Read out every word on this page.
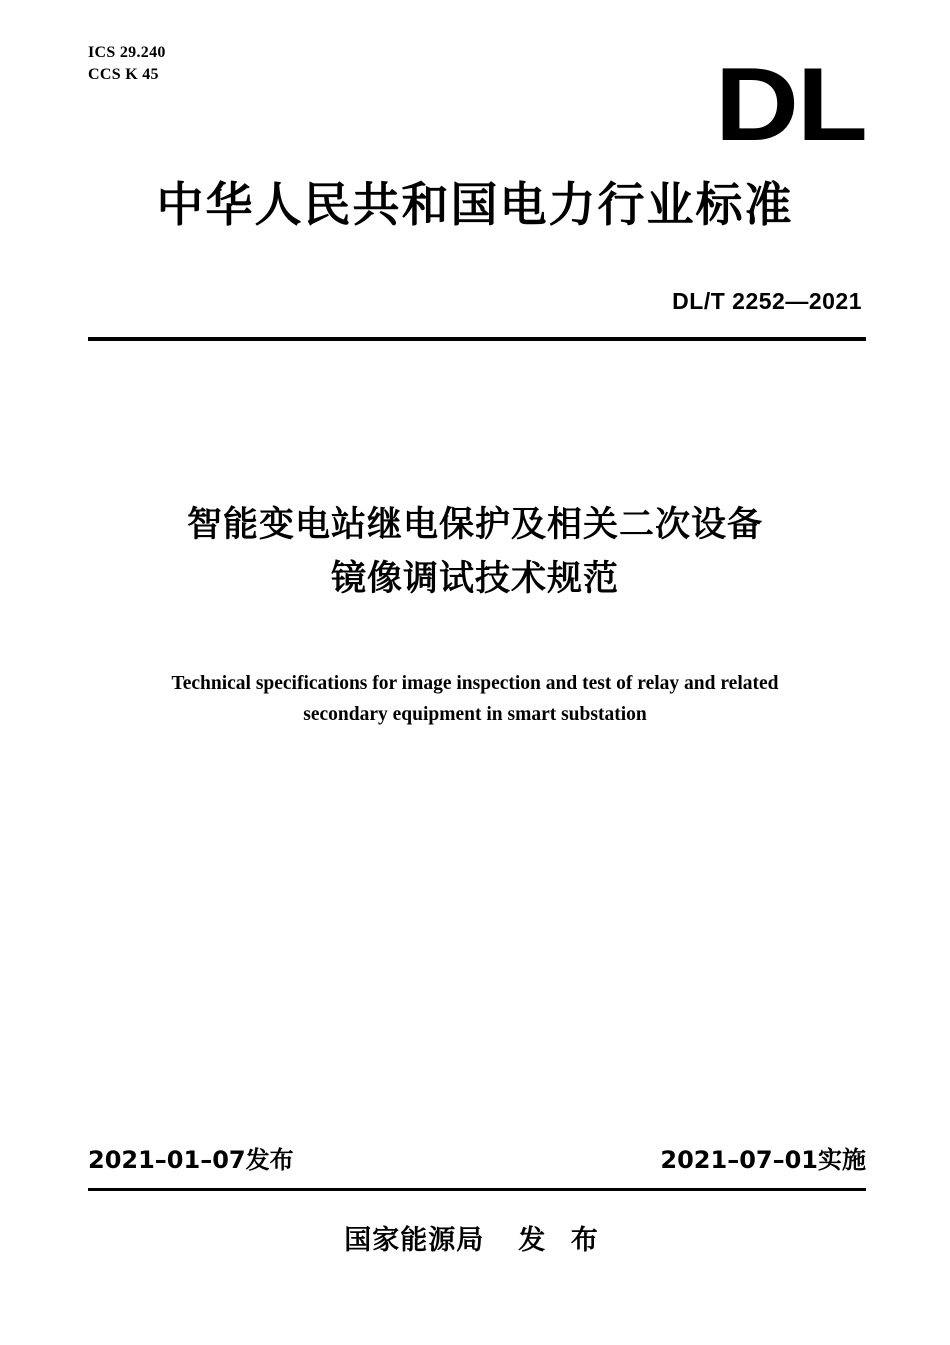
ICS 29.240
CCS K 45	DL
中华人民共和国电力行业标准
DL/T 2252—2021
智能变电站继电保护及相关二次设备
镜像调试技术规范
Technical specifications for image inspection and test of relay and related
secondary equipment in smart substation
2021–01–07发布	2021–07–01实施
国家能源局 发 布
